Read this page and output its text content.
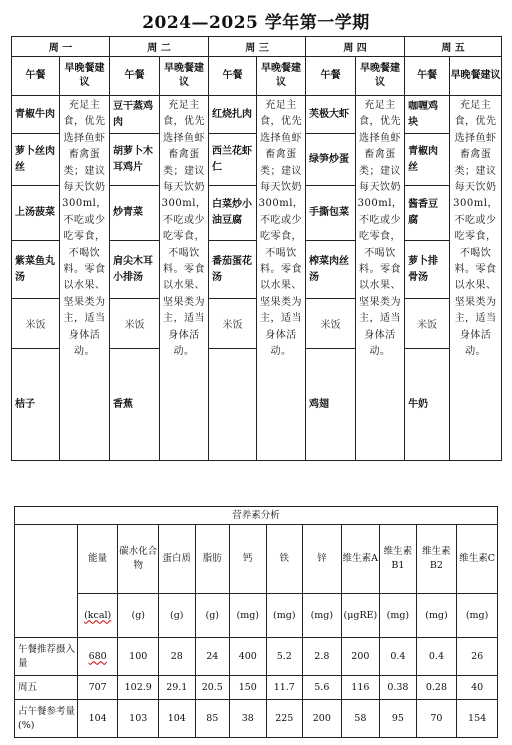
2024—2025 学年第一学期
周 一		周 二		周 三		周 四		周 五	
午餐	早晚餐建议	午餐	早晚餐建议	午餐	早晚餐建议	午餐	早晚餐建议	午餐	早晚餐建议
青椒牛肉	充足主食，优先选择鱼虾畜禽蛋类；建议每天饮奶300ml，不吃或少吃零食，不喝饮料。零食以水果、坚果类为主，适当身体活动。	豆干蒸鸡肉	充足主食，优先选择鱼虾畜禽蛋类；建议每天饮奶300ml，不吃或少吃零食，不喝饮料。零食以水果、坚果类为主，适当身体活动。	红烧扎肉	充足主食，优先选择鱼虾畜禽蛋类；建议每天饮奶300ml，不吃或少吃零食，不喝饮料。零食以水果、坚果类为主，适当身体活动。	芙极大虾	充足主食，优先选择鱼虾畜禽蛋类；建议每天饮奶300ml，不吃或少吃零食，不喝饮料。零食以水果、坚果类为主，适当身体活动。	咖喱鸡块	充足主食，优先选择鱼虾畜禽蛋类；建议每天饮奶300ml，不吃或少吃零食，不喝饮料。零食以水果、坚果类为主，适当身体活动。
萝卜丝肉丝		胡萝卜木耳鸡片		西兰花虾仁		绿笋炒蛋		青椒肉丝	
上汤菠菜		炒青菜		白菜炒小油豆腐		手撕包菜		酱香豆腐	
紫菜鱼丸汤		肩尖木耳小排汤		番茄蛋花汤		榨菜肉丝汤		萝卜排骨汤	
米饭		米饭		米饭		米饭		米饭	
桔子		香蕉				鸡翅		牛奶	
营养素分析											
	能量	碳水化合物	蛋白质	脂肪	钙	铁	锌	维生素A	维生素B1	维生素B2	维生素C
	(kcal)	(g)	(g)	(g)	(mg)	(mg)	(mg)	(μgRE)	(mg)	(mg)	(mg)
午餐推荐摄入量	680	100	28	24	400	5.2	2.8	200	0.4	0.4	26
周五	707	102.9	29.1	20.5	150	11.7	5.6	116	0.38	0.28	40
占午餐参考量(%)	104	103	104	85	38	225	200	58	95	70	154
